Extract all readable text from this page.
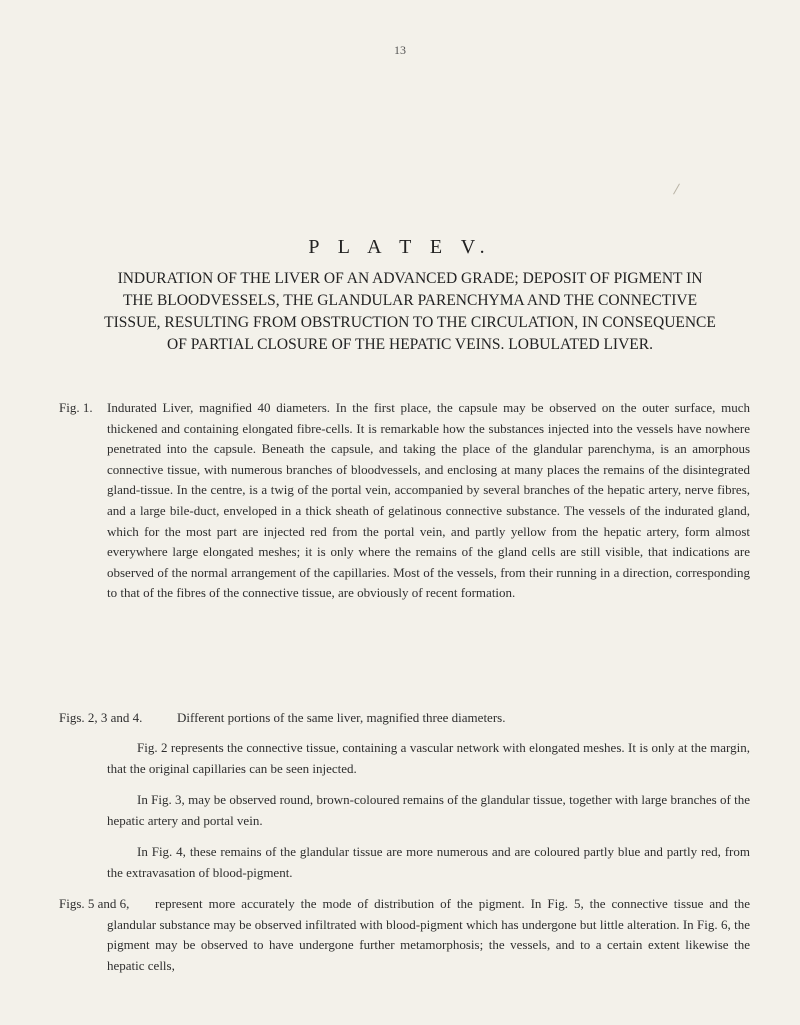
13
P L A T E V.
INDURATION OF THE LIVER OF AN ADVANCED GRADE; DEPOSIT OF PIGMENT IN
THE BLOODVESSELS, THE GLANDULAR PARENCHYMA AND THE CONNECTIVE
TISSUE, RESULTING FROM OBSTRUCTION TO THE CIRCULATION, IN CONSEQUENCE
OF PARTIAL CLOSURE OF THE HEPATIC VEINS. LOBULATED LIVER.
Fig. 1. Indurated Liver, magnified 40 diameters. In the first place, the capsule may be observed on the outer surface, much thickened and containing elongated fibre-cells. It is remarkable how the substances injected into the vessels have nowhere penetrated into the capsule. Beneath the capsule, and taking the place of the glandular parenchyma, is an amorphous connective tissue, with numerous branches of bloodvessels, and enclosing at many places the remains of the disintegrated gland-tissue. In the centre, is a twig of the portal vein, accompanied by several branches of the hepatic artery, nerve fibres, and a large bile-duct, enveloped in a thick sheath of gelatinous connective substance. The vessels of the indurated gland, which for the most part are injected red from the portal vein, and partly yellow from the hepatic artery, form almost everywhere large elongated meshes; it is only where the remains of the gland cells are still visible, that indications are observed of the normal arrangement of the capillaries. Most of the vessels, from their running in a direction, corresponding to that of the fibres of the connective tissue, are obviously of recent formation.
Figs. 2, 3 and 4.	Different portions of the same liver, magnified three diameters.
Fig. 2 represents the connective tissue, containing a vascular network with elongated meshes. It is only at the margin, that the original capillaries can be seen injected.
In Fig. 3, may be observed round, brown-coloured remains of the glandular tissue, together with large branches of the hepatic artery and portal vein.
In Fig. 4, these remains of the glandular tissue are more numerous and are coloured partly blue and partly red, from the extravasation of blood-pigment.
Figs. 5 and 6,	represent more accurately the mode of distribution of the pigment. In Fig. 5, the connective tissue and the glandular substance may be observed infiltrated with blood-pigment which has undergone but little alteration. In Fig. 6, the pigment may be observed to have undergone further metamorphosis; the vessels, and to a certain extent likewise the hepatic cells,
